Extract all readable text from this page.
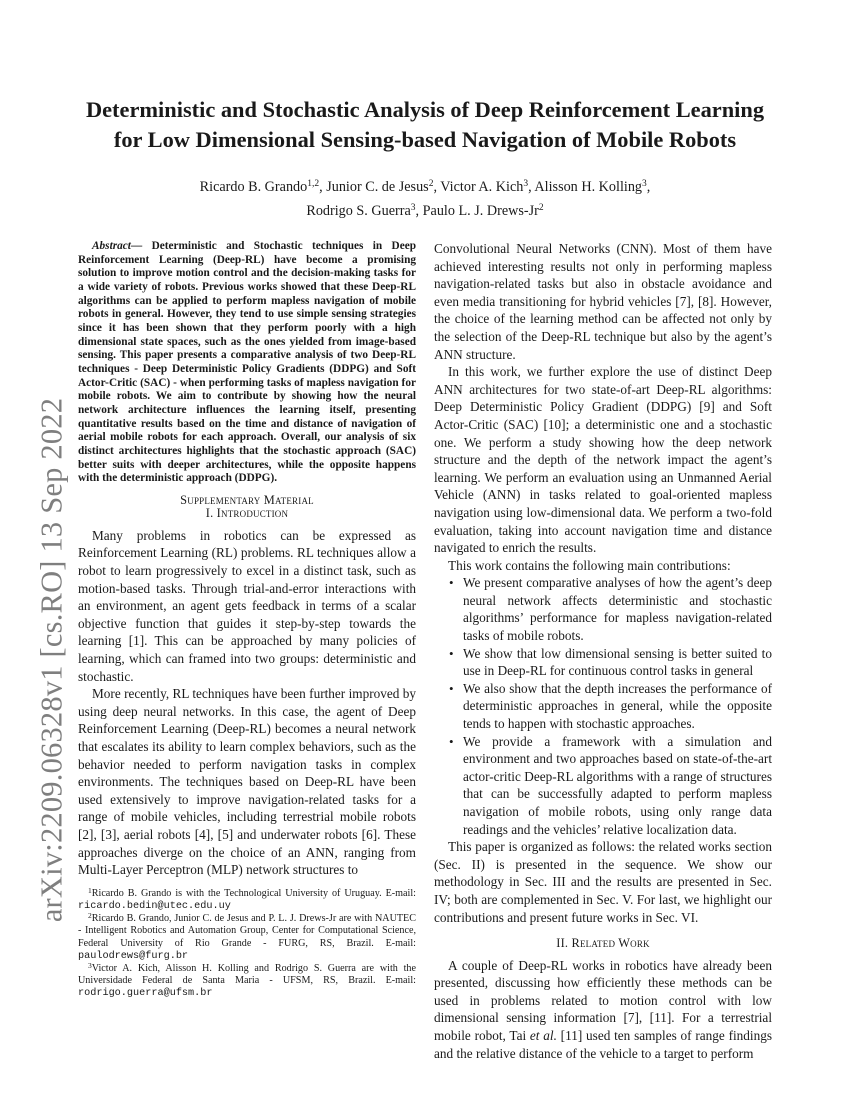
arXiv:2209.06328v1 [cs.RO] 13 Sep 2022
Deterministic and Stochastic Analysis of Deep Reinforcement Learning
for Low Dimensional Sensing-based Navigation of Mobile Robots
Ricardo B. Grando$^{1,2}$, Junior C. de Jesus$^2$, Victor A. Kich$^3$, Alisson H. Kolling$^3$,
Rodrigo S. Guerra$^3$, Paulo L. J. Drews-Jr$^2$

Abstract— Deterministic and Stochastic techniques in Deep Reinforcement Learning (Deep-RL) have become a promising solution to improve motion control and the decision-making tasks for a wide variety of robots. Previous works showed that these Deep-RL algorithms can be applied to perform mapless navigation of mobile robots in general. However, they tend to use simple sensing strategies since it has been shown that they perform poorly with a high dimensional state spaces, such as the ones yielded from image-based sensing. This paper presents a comparative analysis of two Deep-RL techniques - Deep Deterministic Policy Gradients (DDPG) and Soft Actor-Critic (SAC) - when performing tasks of mapless navigation for mobile robots. We aim to contribute by showing how the neural network architecture influences the learning itself, presenting quantitative results based on the time and distance of navigation of aerial mobile robots for each approach. Overall, our analysis of six distinct architectures highlights that the stochastic approach (SAC) better suits with deeper architectures, while the opposite happens with the deterministic approach (DDPG).

Supplementary Material

I. Introduction

Many problems in robotics can be expressed as Reinforcement Learning (RL) problems. RL techniques allow a robot to learn progressively to excel in a distinct task, such as motion-based tasks. Through trial-and-error interactions with an environment, an agent gets feedback in terms of a scalar objective function that guides it step-by-step towards the learning [1]. This can be approached by many policies of learning, which can framed into two groups: deterministic and stochastic.

More recently, RL techniques have been further improved by using deep neural networks. In this case, the agent of Deep Reinforcement Learning (Deep-RL) becomes a neural network that escalates its ability to learn complex behaviors, such as the behavior needed to perform navigation tasks in complex environments. The techniques based on Deep-RL have been used extensively to improve navigation-related tasks for a range of mobile vehicles, including terrestrial mobile robots [2], [3], aerial robots [4], [5] and underwater robots [6]. These approaches diverge on the choice of an ANN, ranging from Multi-Layer Perceptron (MLP) network structures to

$^1$Ricardo B. Grando is with the Technological University of Uruguay. E-mail: ricardo.bedin@utec.edu.uy

$^2$Ricardo B. Grando, Junior C. de Jesus and P. L. J. Drews-Jr are with NAUTEC - Intelligent Robotics and Automation Group, Center for Computational Science, Federal University of Rio Grande - FURG, RS, Brazil. E-mail: paulodrews@furg.br

$^3$Victor A. Kich, Alisson H. Kolling and Rodrigo S. Guerra are with the Universidade Federal de Santa Maria - UFSM, RS, Brazil. E-mail: rodrigo.guerra@ufsm.br

Convolutional Neural Networks (CNN). Most of them have achieved interesting results not only in performing mapless navigation-related tasks but also in obstacle avoidance and even media transitioning for hybrid vehicles [7], [8]. However, the choice of the learning method can be affected not only by the selection of the Deep-RL technique but also by the agent’s ANN structure.

In this work, we further explore the use of distinct Deep ANN architectures for two state-of-art Deep-RL algorithms: Deep Deterministic Policy Gradient (DDPG) [9] and Soft Actor-Critic (SAC) [10]; a deterministic one and a stochastic one. We perform a study showing how the deep network structure and the depth of the network impact the agent’s learning. We perform an evaluation using an Unmanned Aerial Vehicle (ANN) in tasks related to goal-oriented mapless navigation using low-dimensional data. We perform a two-fold evaluation, taking into account navigation time and distance navigated to enrich the results.

This work contains the following main contributions:

• We present comparative analyses of how the agent’s deep neural network affects deterministic and stochastic algorithms’ performance for mapless navigation-related tasks of mobile robots.
• We show that low dimensional sensing is better suited to use in Deep-RL for continuous control tasks in general
• We also show that the depth increases the performance of deterministic approaches in general, while the opposite tends to happen with stochastic approaches.
• We provide a framework with a simulation and environment and two approaches based on state-of-the-art actor-critic Deep-RL algorithms with a range of structures that can be successfully adapted to perform mapless navigation of mobile robots, using only range data readings and the vehicles’ relative localization data.

This paper is organized as follows: the related works section (Sec. II) is presented in the sequence. We show our methodology in Sec. III and the results are presented in Sec. IV; both are complemented in Sec. V. For last, we highlight our contributions and present future works in Sec. VI.

II. Related Work

A couple of Deep-RL works in robotics have already been presented, discussing how efficiently these methods can be used in problems related to motion control with low dimensional sensing information [7], [11]. For a terrestrial mobile robot, Tai et al. [11] used ten samples of range findings and the relative distance of the vehicle to a target to perform
